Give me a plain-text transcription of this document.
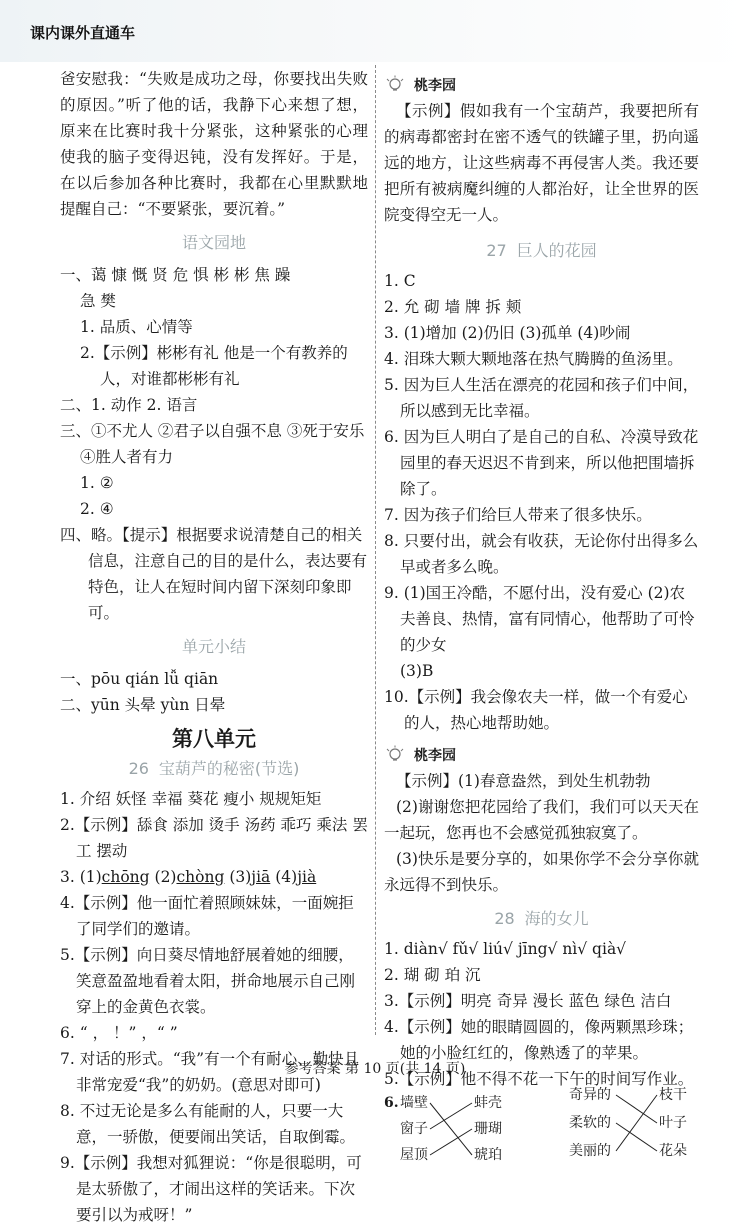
课内课外直通车

爸安慰我：“失败是成功之母，你要找出失败的原因。”听了他的话，我静下心来想了想，原来在比赛时我十分紧张，这种紧张的心理使我的脑子变得迟钝，没有发挥好。于是，在以后参加各种比赛时，我都在心里默默地提醒自己：“不要紧张，要沉着。”

语文园地
一、蔼 慷 慨 贤 危 惧 彬 彬 焦 躁
急 樊
1. 品质、心情等
2.【示例】彬彬有礼 他是一个有教养的人，对谁都彬彬有礼
二、1. 动作 2. 语言
三、①不尤人 ②君子以自强不息 ③死于安乐
④胜人者有力
1. ②
2. ④
四、略。【提示】根据要求说清楚自己的相关信息，注意自己的目的是什么，表达要有特色，让人在短时间内留下深刻印象即可。
单元小结
一、pōu qián lǚ qiān
二、yūn 头晕 yùn 日晕
第八单元
26 宝葫芦的秘密(节选)
1. 介绍 妖怪 幸福 葵花 瘦小 规规矩矩
2.【示例】舔食 添加 烫手 汤药 乖巧 乘法 罢工 摆动
3. (1)chōng (2)chòng (3)jiā (4)jià
4.【示例】他一面忙着照顾妹妹，一面婉拒了同学们的邀请。
5.【示例】向日葵尽情地舒展着她的细腰，笑意盈盈地看着太阳，拼命地展示自己刚穿上的金黄色衣裳。
6. “ ， ！” ，“ ”
7. 对话的形式。“我”有一个有耐心、勤快且非常宠爱“我”的奶奶。(意思对即可)
8. 不过无论是多么有能耐的人，只要一大意，一骄傲，便要闹出笑话，自取倒霉。
9.【示例】我想对狐狸说：“你是很聪明，可是太骄傲了，才闹出这样的笑话来。下次要引以为戒呀！”
桃李园

【示例】假如我有一个宝葫芦，我要把所有的病毒都密封在密不透气的铁罐子里，扔向遥远的地方，让这些病毒不再侵害人类。我还要把所有被病魔纠缠的人都治好，让全世界的医院变得空无一人。

27 巨人的花园
1. C
2. 允 砌 墙 牌 拆 颊
3. (1)增加 (2)仍旧 (3)孤单 (4)吵闹
4. 泪珠大颗大颗地落在热气腾腾的鱼汤里。
5. 因为巨人生活在漂亮的花园和孩子们中间，所以感到无比幸福。
6. 因为巨人明白了是自己的自私、冷漠导致花园里的春天迟迟不肯到来，所以他把围墙拆除了。
7. 因为孩子们给巨人带来了很多快乐。
8. 只要付出，就会有收获，无论你付出得多么早或者多么晚。
9. (1)国王冷酷，不愿付出，没有爱心 (2)农夫善良、热情，富有同情心，他帮助了可怜的少女
(3)B
10.【示例】我会像农夫一样，做一个有爱心的人，热心地帮助她。
桃李园
【示例】(1)春意盎然，到处生机勃勃

(2)谢谢您把花园给了我们，我们可以天天在一起玩，您再也不会感觉孤独寂寞了。

(3)快乐是要分享的，如果你学不会分享你就永远得不到快乐。

28 海的女儿
1. diàn√ fǔ√ liú√ jīng√ nì√ qià√
2. 瑚 砌 珀 沉
3.【示例】明亮 奇异 漫长 蓝色 绿色 洁白
4.【示例】她的眼睛圆圆的，像两颗黑珍珠；她的小脸红红的，像熟透了的苹果。
5.【示例】他不得不花一下午的时间写作业。
6. 墙壁
窗子
屋顶
蚌壳
珊瑚
琥珀
奇异的
柔软的
美丽的
枝干
叶子
花朵
参考答案 第 10 页(共 14 页)
